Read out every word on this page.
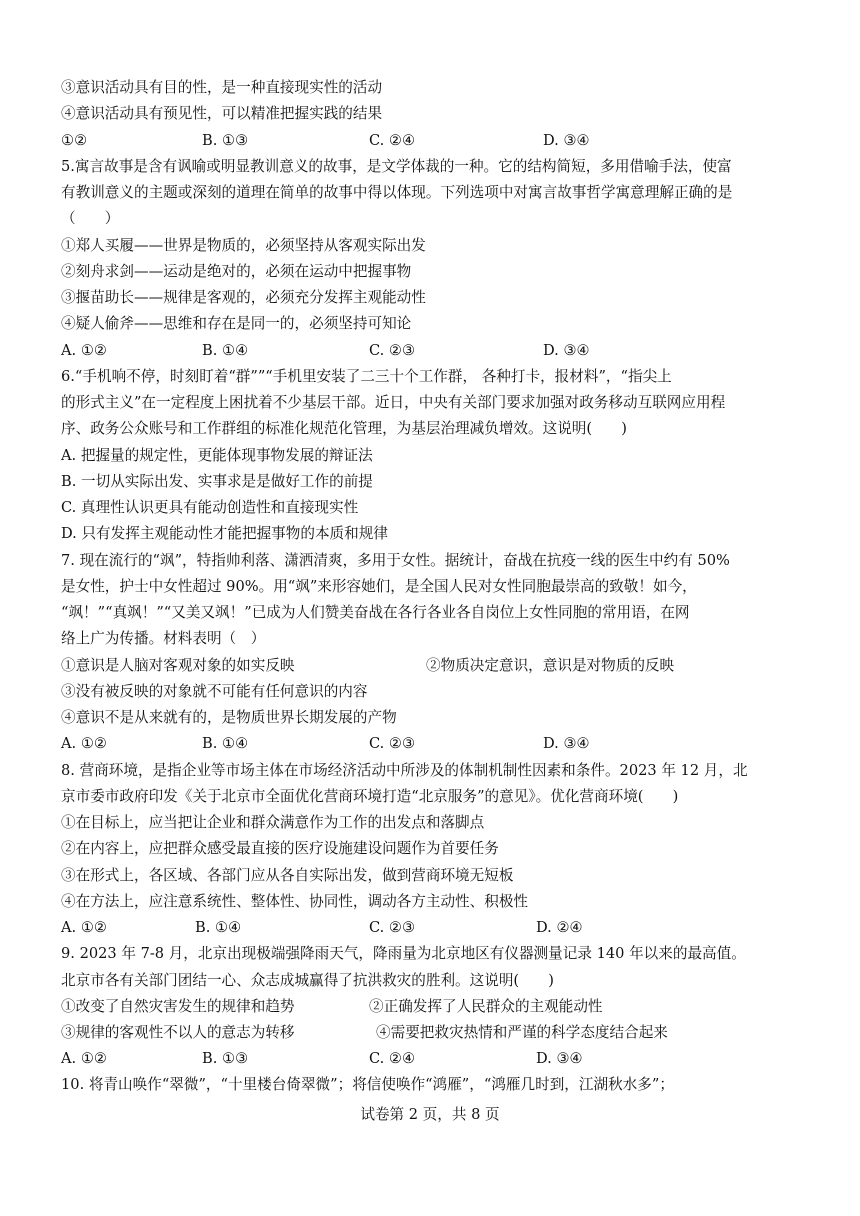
③意识活动具有目的性，是一种直接现实性的活动
④意识活动具有预见性，可以精准把握实践的结果
①②	B. ①③	C. ②④	D. ③④
5.寓言故事是含有讽喻或明显教训意义的故事，是文学体裁的一种。它的结构简短，多用借喻手法，使富
有教训意义的主题或深刻的道理在简单的故事中得以体现。下列选项中对寓言故事哲学寓意理解正确的是
（　　）
①郑人买履——世界是物质的，必须坚持从客观实际出发
②刻舟求剑——运动是绝对的，必须在运动中把握事物
③揠苗助长——规律是客观的，必须充分发挥主观能动性
④疑人偷斧——思维和存在是同一的，必须坚持可知论
A. ①②	B. ①④	C. ②③	D. ③④
6.“手机响不停，时刻盯着“群””“手机里安装了二三十个工作群， 各种打卡，报材料”，“指尖上
的形式主义”在一定程度上困扰着不少基层干部。近日，中央有关部门要求加强对政务移动互联网应用程
序、政务公众账号和工作群组的标准化规范化管理，为基层治理减负增效。这说明(　　)
A. 把握量的规定性，更能体现事物发展的辩证法
B. 一切从实际出发、实事求是是做好工作的前提
C. 真理性认识更具有能动创造性和直接现实性
D. 只有发挥主观能动性才能把握事物的本质和规律
7. 现在流行的“飒”，特指帅利落、潇洒清爽，多用于女性。据统计，奋战在抗疫一线的医生中约有 50%
是女性，护士中女性超过 90%。用“飒”来形容她们，是全国人民对女性同胞最崇高的致敬！如今，
“飒！”“真飒！”“又美又飒！”已成为人们赞美奋战在各行各业各自岗位上女性同胞的常用语，在网
络上广为传播。材料表明（　）
①意识是人脑对客观对象的如实反映	②物质决定意识，意识是对物质的反映
③没有被反映的对象就不可能有任何意识的内容
④意识不是从来就有的，是物质世界长期发展的产物
A. ①②	B. ①④	C. ②③	D. ③④
8. 营商环境，是指企业等市场主体在市场经济活动中所涉及的体制机制性因素和条件。2023 年 12 月，北
京市委市政府印发《关于北京市全面优化营商环境打造“北京服务”的意见》。优化营商环境(　　)
①在目标上，应当把让企业和群众满意作为工作的出发点和落脚点
②在内容上，应把群众感受最直接的医疗设施建设问题作为首要任务
③在形式上，各区域、各部门应从各自实际出发，做到营商环境无短板
④在方法上，应注意系统性、整体性、协同性，调动各方主动性、积极性
A. ①②	B. ①④	C. ②③	D. ②④
9. 2023 年 7-8 月，北京出现极端强降雨天气，降雨量为北京地区有仪器测量记录 140 年以来的最高值。
北京市各有关部门团结一心、众志成城赢得了抗洪救灾的胜利。这说明(　　)
①改变了自然灾害发生的规律和趋势	②正确发挥了人民群众的主观能动性
③规律的客观性不以人的意志为转移	④需要把救灾热情和严谨的科学态度结合起来
A. ①②	B. ①③	C. ②④	D. ③④
10. 将青山唤作“翠微”，“十里楼台倚翠微”；将信使唤作“鸿雁”，“鸿雁几时到，江湖秋水多”；
试卷第 2 页，共 8 页
